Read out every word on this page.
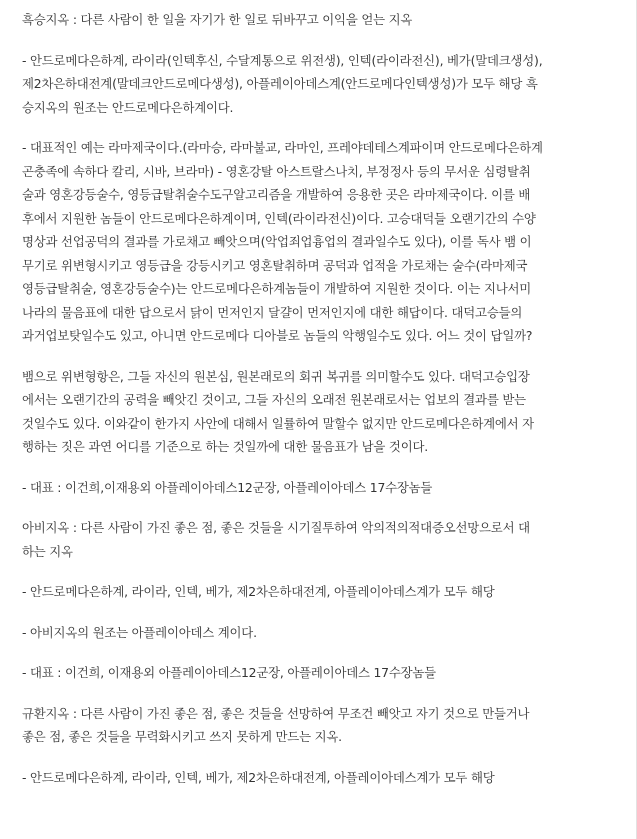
흑승지옥 : 다른 사람이 한 일을 자기가 한 일로 뒤바꾸고 이익을 얻는 지옥

- 안드로메다은하계, 라이라(인텍후신, 수달계통으로 위전생), 인텍(라이라전신), 베가(말데크생성),
제2차은하대전계(말데크안드로메다생성), 아플레이아데스계(안드로메다인텍생성)가 모두 해당 흑
승지옥의 원조는 안드로메다은하계이다.

- 대표적인 예는 라마제국이다.(라마승, 라마불교, 라마인, 프레야데테스계파이며 안드로메다은하계
곤충족에 속하다 칼리, 시바, 브라마) - 영혼강탈 아스트랄스나치, 부정정사 등의 무서운 심령탈취
술과 영혼강등술수, 영등급탈취술수도구알고리즘을 개발하여 응용한 곳은 라마제국이다. 이를 배
후에서 지원한 놈들이 안드로메다은하계이며, 인텍(라이라전신)이다. 고승대덕들 오랜기간의 수양
명상과 선업공덕의 결과를 가로채고 빼앗으며(악업죄업흉업의 결과일수도 있다), 이를 독사 뱀 이
무기로 위변형시키고 영등급을 강등시키고 영혼탈취하며 공덕과 업적을 가로채는 술수(라마제국
영등급탈취술, 영혼강등술수)는 안드로메다은하계놈들이 개발하여 지원한 것이다. 이는 지나서미
나라의 물음표에 대한 답으로서 닭이 먼저인지 달걀이 먼저인지에 대한 해답이다. 대덕고승들의
과거업보탓일수도 있고, 아니면 안드로메다 디아블로 놈들의 악행일수도 있다. 어느 것이 답일까?

뱀으로 위변형항은, 그들 자신의 원본심, 원본래로의 회귀 복귀를 의미할수도 있다. 대덕고승입장
에서는 오랜기간의 공력을 빼앗긴 것이고, 그들 자신의 오래전 원본래로서는 업보의 결과를 받는
것일수도 있다. 이와같이 한가지 사안에 대해서 일률하여 말할수 없지만 안드로메다은하계에서 자
행하는 짓은 과연 어디를 기준으로 하는 것일까에 대한 물음표가 남을 것이다.

- 대표 : 이건희,이재용외 아플레이아데스12군장, 아플레이아데스 17수장놈들

아비지옥 : 다른 사람이 가진 좋은 점, 좋은 것들을 시기질투하여 악의적의적대증오선망으로서 대
하는 지옥

- 안드로메다은하계, 라이라, 인텍, 베가, 제2차은하대전계, 아플레이아데스계가 모두 해당

- 아비지옥의 원조는 아플레이아데스 계이다.

- 대표 : 이건희, 이재용외 아플레이아데스12군장, 아플레이아데스 17수장놈들

규환지옥 : 다른 사람이 가진 좋은 점, 좋은 것들을 선망하여 무조건 빼앗고 자기 것으로 만들거나
좋은 점, 좋은 것들을 무력화시키고 쓰지 못하게 만드는 지옥.

- 안드로메다은하계, 라이라, 인텍, 베가, 제2차은하대전계, 아플레이아데스계가 모두 해당
